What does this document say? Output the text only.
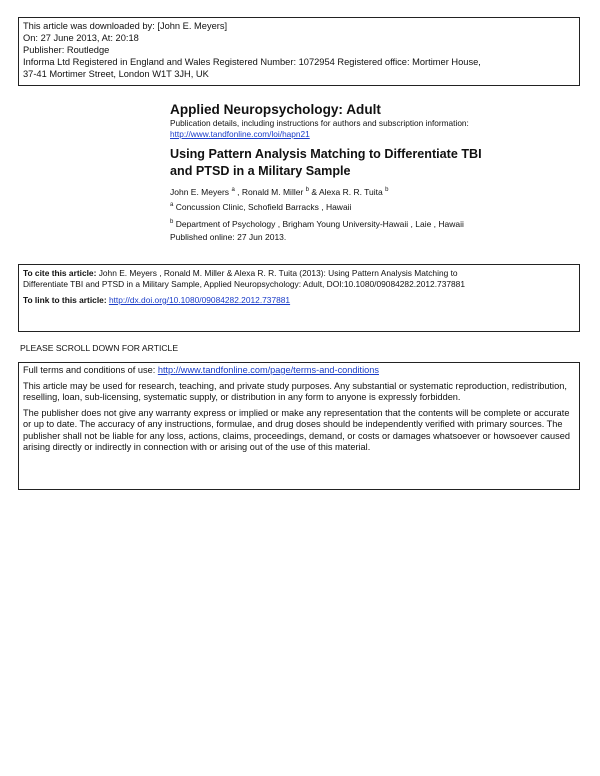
This article was downloaded by: [John E. Meyers]
On: 27 June 2013, At: 20:18
Publisher: Routledge
Informa Ltd Registered in England and Wales Registered Number: 1072954 Registered office: Mortimer House,
37-41 Mortimer Street, London W1T 3JH, UK
Applied Neuropsychology: Adult
Publication details, including instructions for authors and subscription information:
http://www.tandfonline.com/loi/hapn21
Using Pattern Analysis Matching to Differentiate TBI
and PTSD in a Military Sample
John E. Meyers $^a$ , Ronald M. Miller $^b$ & Alexa R. R. Tuita $^b$
$^a$ Concussion Clinic, Schofield Barracks , Hawaii
$^b$ Department of Psychology , Brigham Young University-Hawaii , Laie , Hawaii
Published online: 27 Jun 2013.
To cite this article: John E. Meyers , Ronald M. Miller & Alexa R. R. Tuita (2013): Using Pattern Analysis Matching to
Differentiate TBI and PTSD in a Military Sample, Applied Neuropsychology: Adult, DOI:10.1080/09084282.2012.737881
To link to this article: http://dx.doi.org/10.1080/09084282.2012.737881
PLEASE SCROLL DOWN FOR ARTICLE

Full terms and conditions of use: http://www.tandfonline.com/page/terms-and-conditions

This article may be used for research, teaching, and private study purposes. Any substantial or systematic reproduction, redistribution, reselling, loan, sub-licensing, systematic supply, or distribution in any form to anyone is expressly forbidden.

The publisher does not give any warranty express or implied or make any representation that the contents will be complete or accurate or up to date. The accuracy of any instructions, formulae, and drug doses should be independently verified with primary sources. The publisher shall not be liable for any loss, actions, claims, proceedings, demand, or costs or damages whatsoever or howsoever caused arising directly or indirectly in connection with or arising out of the use of this material.
